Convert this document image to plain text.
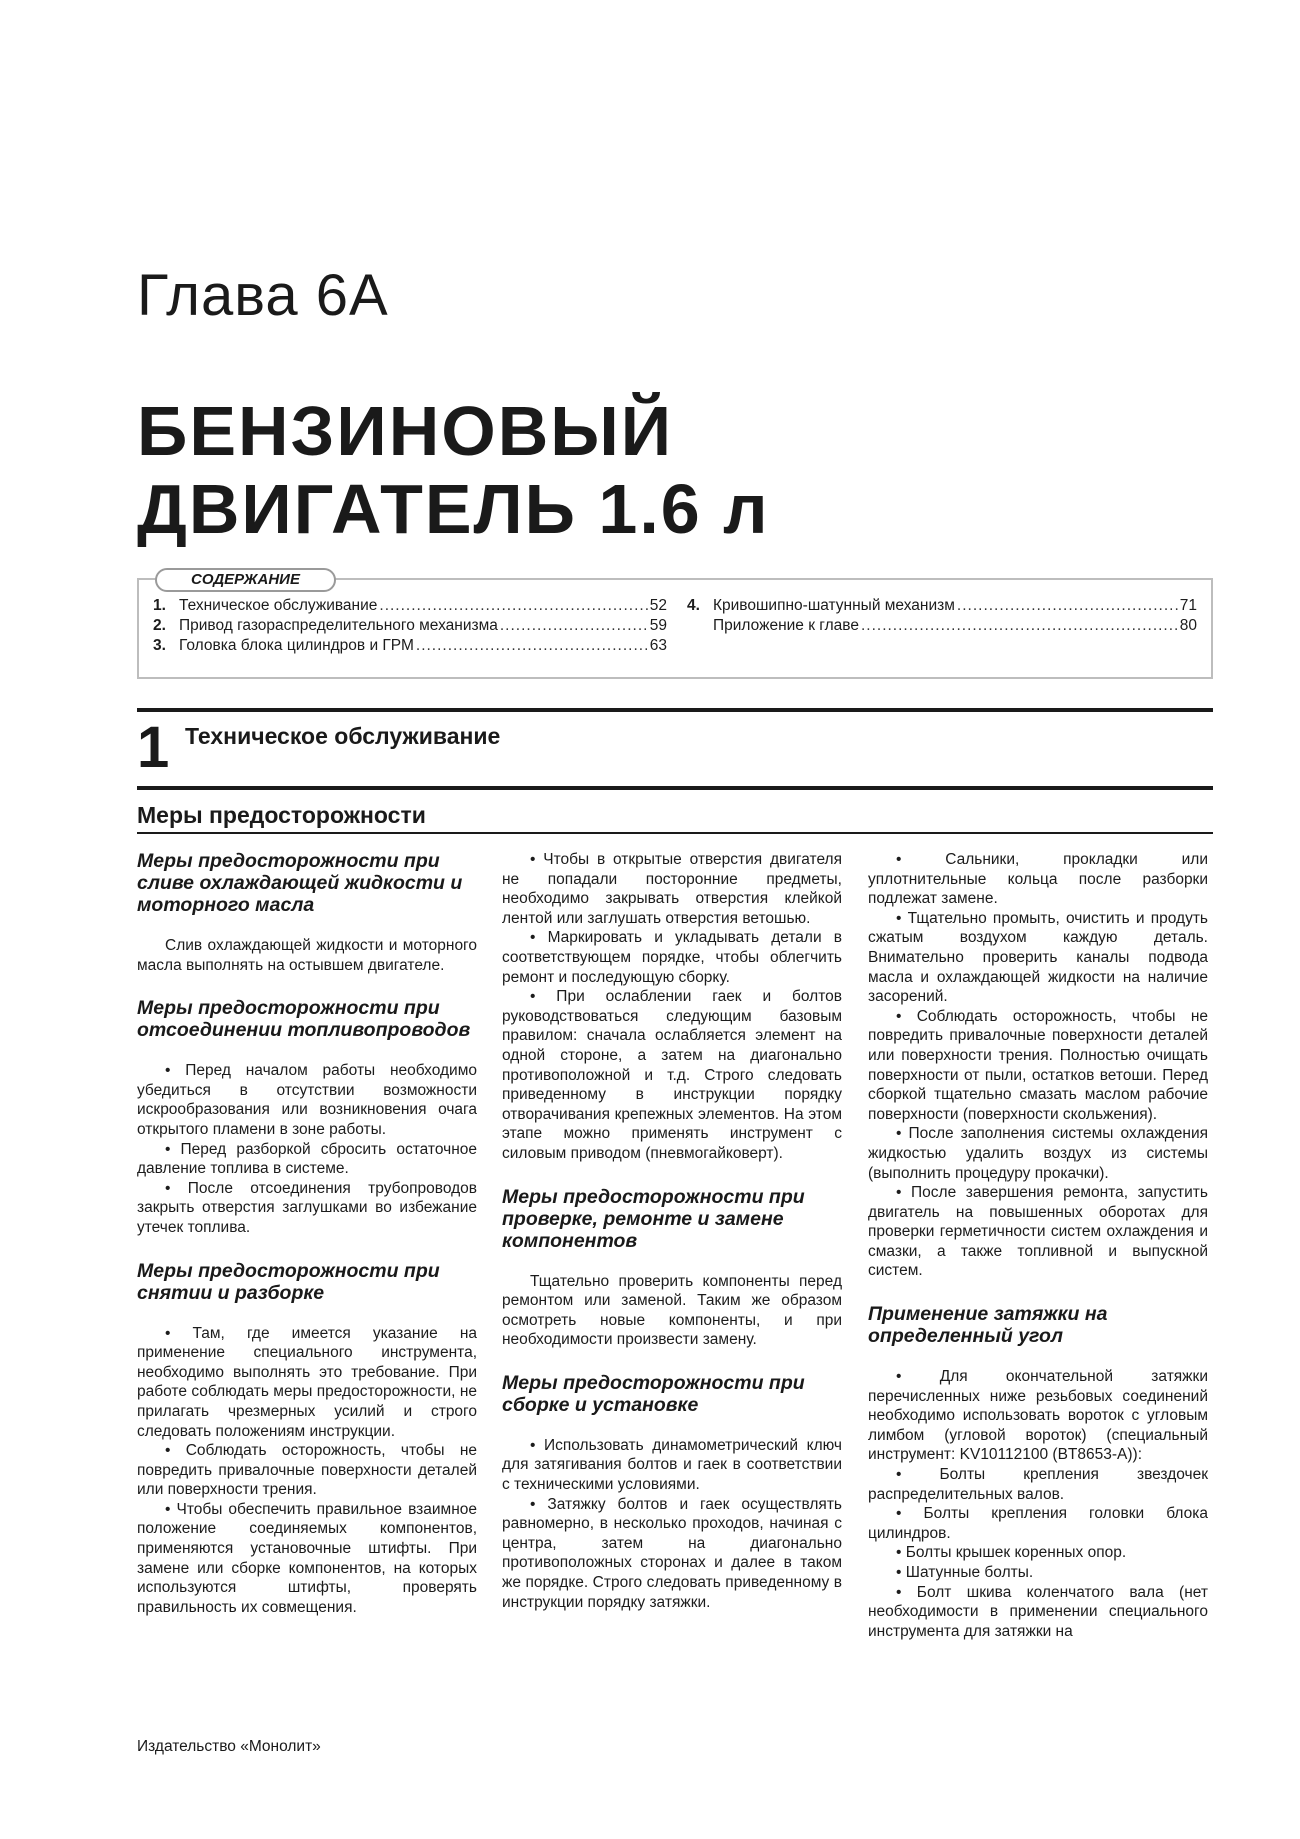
Глава 6А
БЕНЗИНОВЫЙ
ДВИГАТЕЛЬ 1.6 л
СОДЕРЖАНИЕ
1. Техническое обслуживание .....	52
2. Привод газораспределительного механизма .....	59
3. Головка блока цилиндров и ГРМ .....	63
4. Кривошипно-шатунный механизм .....	71
Приложение к главе .....	80
1 Техническое обслуживание
Меры предосторожности
Меры предосторожности при сливе охлаждающей жидкости и моторного масла

Слив охлаждающей жидкости и моторного масла выполнять на остывшем двигателе.

Меры предосторожности при отсоединении топливопроводов

• Перед началом работы необходимо убедиться в отсутствии возможности искрообразования или возникновения очага открытого пламени в зоне работы.

• Перед разборкой сбросить остаточное давление топлива в системе.

• После отсоединения трубопроводов закрыть отверстия заглушками во избежание утечек топлива.

Меры предосторожности при снятии и разборке

• Там, где имеется указание на применение специального инструмента, необходимо выполнять это требование. При работе соблюдать меры предосторожности, не прилагать чрезмерных усилий и строго следовать положениям инструкции.

• Соблюдать осторожность, чтобы не повредить привалочные поверхности деталей или поверхности трения.

• Чтобы обеспечить правильное взаимное положение соединяемых компонентов, применяются установочные штифты. При замене или сборке компонентов, на которых используются штифты, проверять правильность их совмещения.

• Чтобы в открытые отверстия двигателя не попадали посторонние предметы, необходимо закрывать отверстия клейкой лентой или заглушать отверстия ветошью.

• Маркировать и укладывать детали в соответствующем порядке, чтобы облегчить ремонт и последующую сборку.

• При ослаблении гаек и болтов руководствоваться следующим базовым правилом: сначала ослабляется элемент на одной стороне, а затем на диагонально противоположной и т.д. Строго следовать приведенному в инструкции порядку отворачивания крепежных элементов. На этом этапе можно применять инструмент с силовым приводом (пневмогайковерт).

Меры предосторожности при проверке, ремонте и замене компонентов

Тщательно проверить компоненты перед ремонтом или заменой. Таким же образом осмотреть новые компоненты, и при необходимости произвести замену.

Меры предосторожности при сборке и установке

• Использовать динамометрический ключ для затягивания болтов и гаек в соответствии с техническими условиями.

• Затяжку болтов и гаек осуществлять равномерно, в несколько проходов, начиная с центра, затем на диагонально противоположных сторонах и далее в таком же порядке. Строго следовать приведенному в инструкции порядку затяжки.

• Сальники, прокладки или уплотнительные кольца после разборки подлежат замене.

• Тщательно промыть, очистить и продуть сжатым воздухом каждую деталь. Внимательно проверить каналы подвода масла и охлаждающей жидкости на наличие засорений.

• Соблюдать осторожность, чтобы не повредить привалочные поверхности деталей или поверхности трения. Полностью очищать поверхности от пыли, остатков ветоши. Перед сборкой тщательно смазать маслом рабочие поверхности (поверхности скольжения).

• После заполнения системы охлаждения жидкостью удалить воздух из системы (выполнить процедуру прокачки).

• После завершения ремонта, запустить двигатель на повышенных оборотах для проверки герметичности систем охлаждения и смазки, а также топливной и выпускной систем.

Применение затяжки на определенный угол

• Для окончательной затяжки перечисленных ниже резьбовых соединений необходимо использовать вороток с угловым лимбом (угловой вороток) (специальный инструмент: KV10112100 (BT8653-A)):

• Болты крепления звездочек распределительных валов.

• Болты крепления головки блока цилиндров.

• Болты крышек коренных опор.

• Шатунные болты.

• Болт шкива коленчатого вала (нет необходимости в применении специального инструмента для затяжки на

Издательство «Монолит»
